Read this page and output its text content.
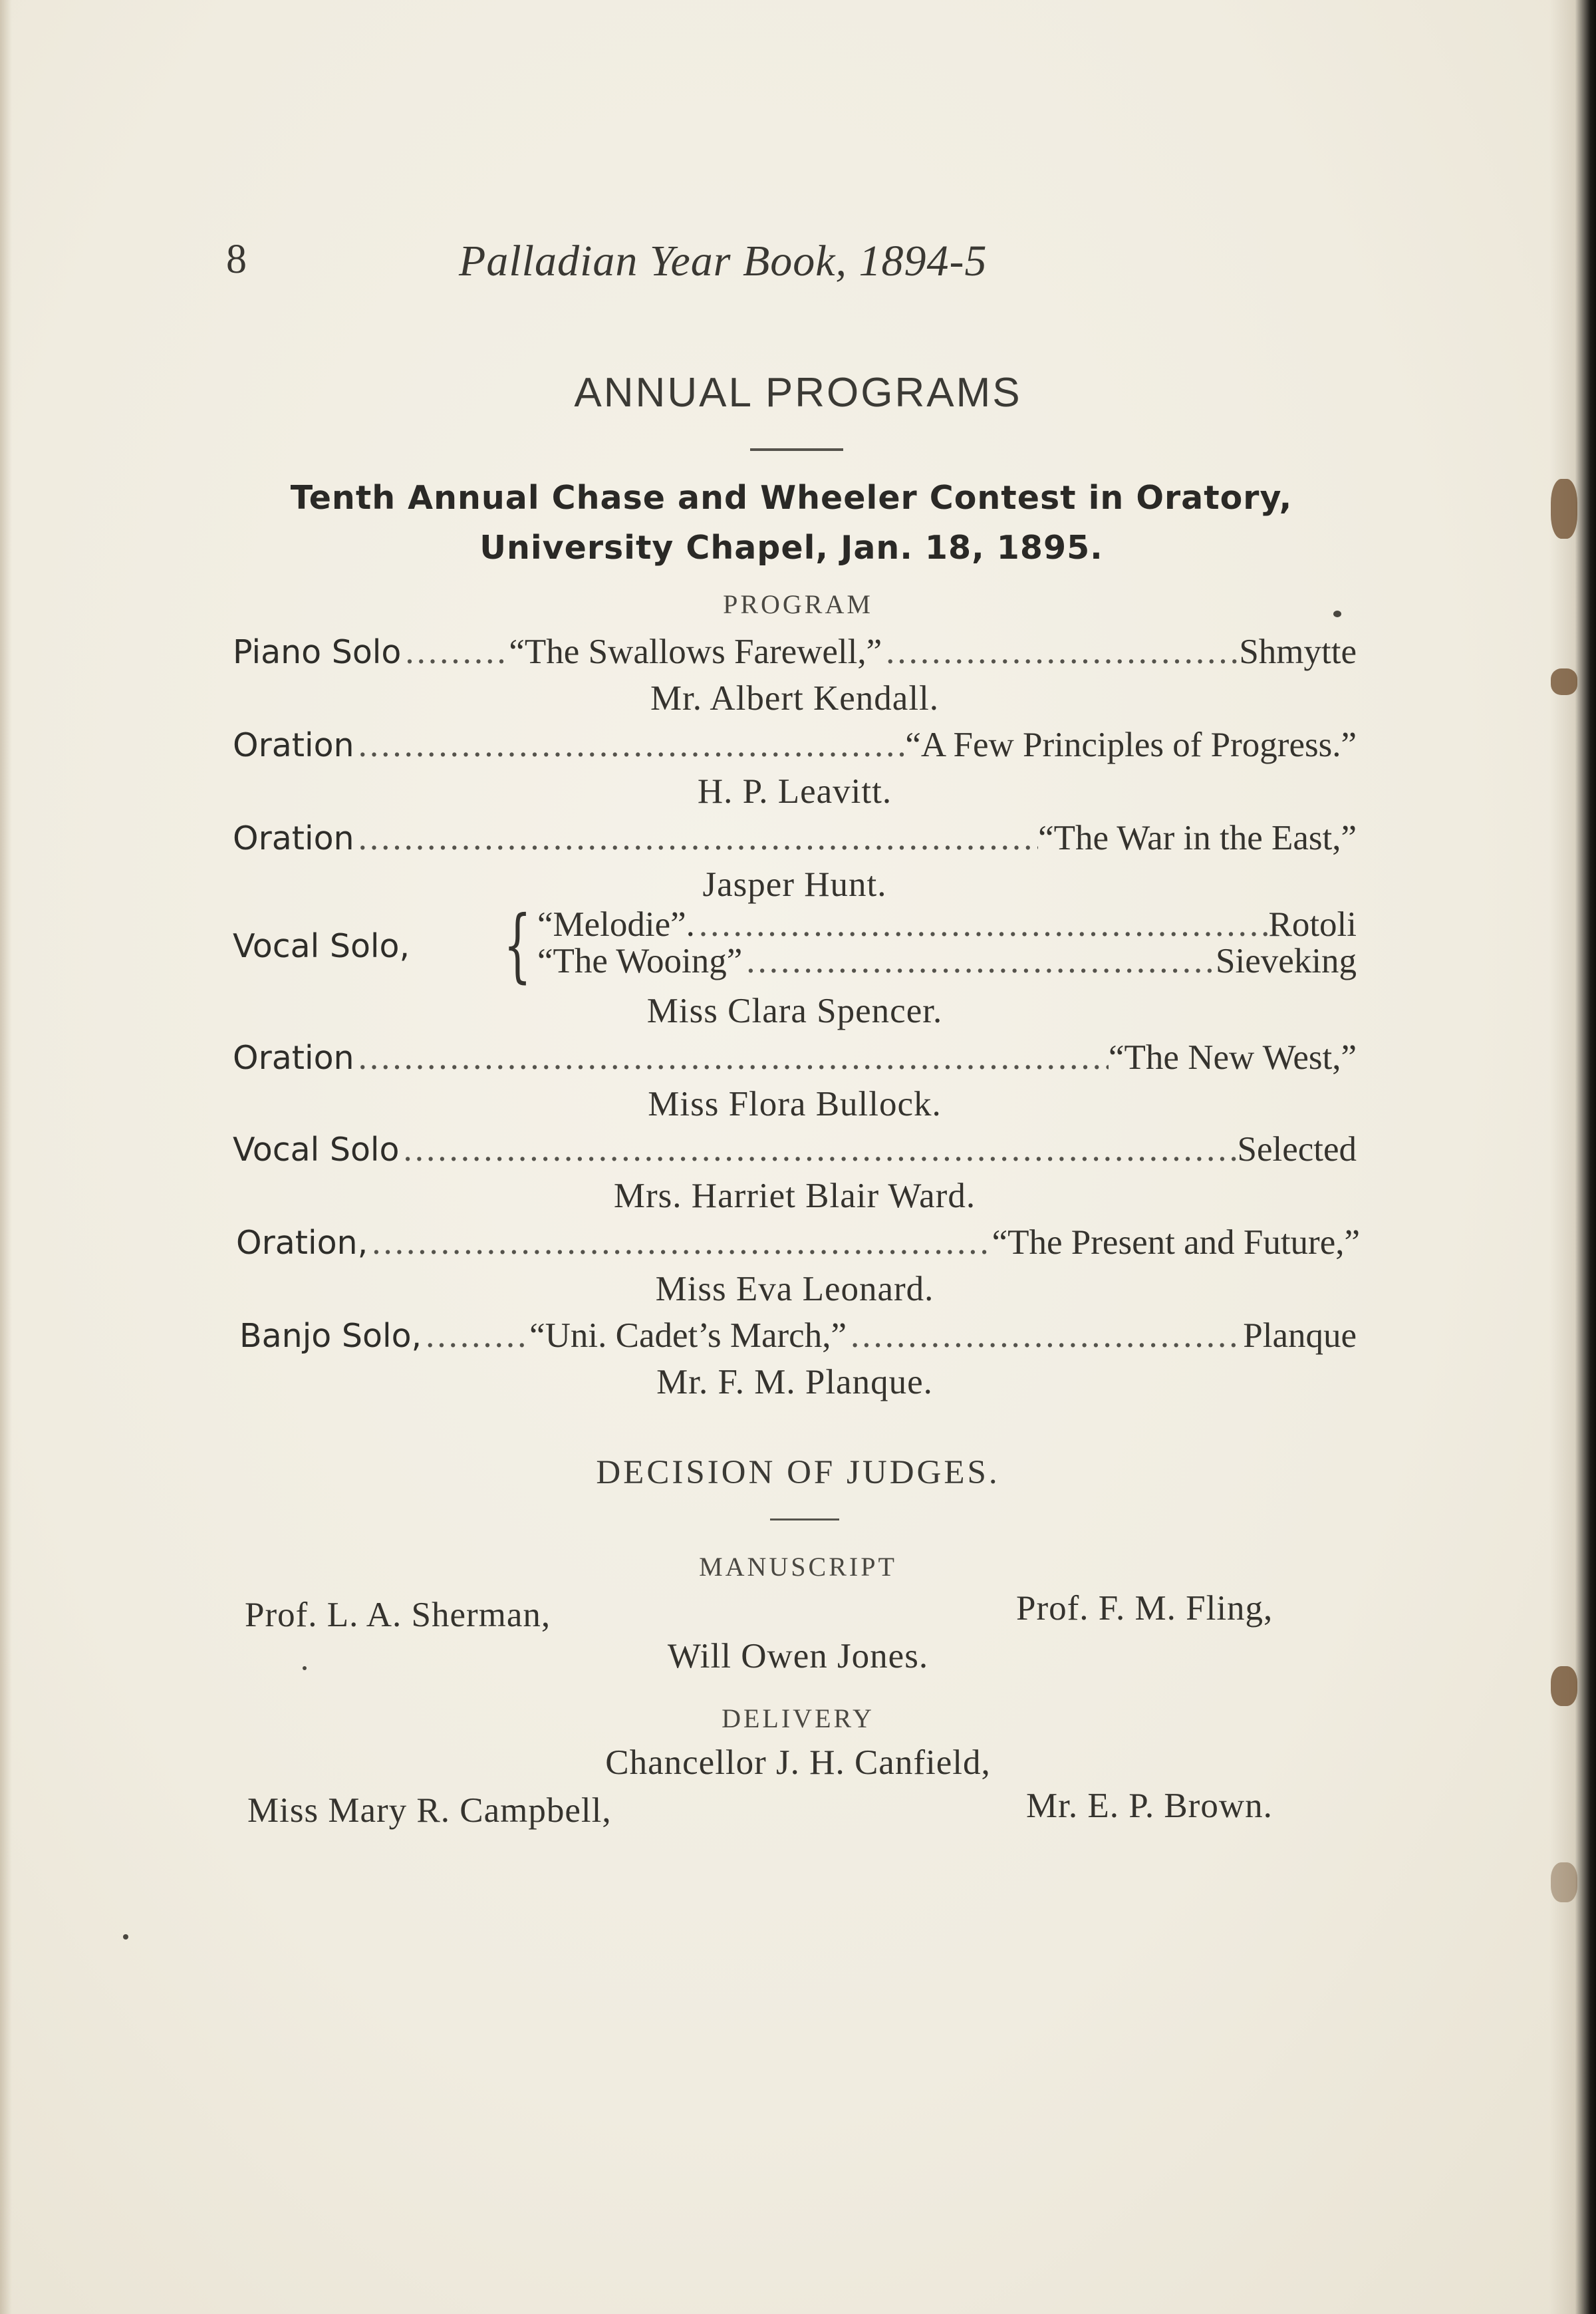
8	Palladian Year Book, 1894-5
ANNUAL PROGRAMS
Tenth Annual Chase and Wheeler Contest in Oratory,
University Chapel, Jan. 18, 1895.
PROGRAM
Piano Solo .....	“The Swallows Farewell,” .....	Shmytte
Mr. Albert Kendall.
Oration .....	“A Few Principles of Progress.”
H. P. Leavitt.
Oration .....	“The War in the East,”
Jasper Hunt.
Vocal Solo, { “Melodie”. .....	Rotoli
“The Wooing” .....	Sieveking
Miss Clara Spencer.
Oration .....	“The New West,”
Miss Flora Bullock.
Vocal Solo .....	Selected
Mrs. Harriet Blair Ward.
Oration, .....	“The Present and Future,”
Miss Eva Leonard.
Banjo Solo, .....	“Uni. Cadet’s March,” .....	Planque
Mr. F. M. Planque.
DECISION OF JUDGES.
MANUSCRIPT
Prof. L. A. Sherman,	Prof. F. M. Fling,
Will Owen Jones.
DELIVERY
Chancellor J. H. Canfield,
Miss Mary R. Campbell,	Mr. E. P. Brown.
